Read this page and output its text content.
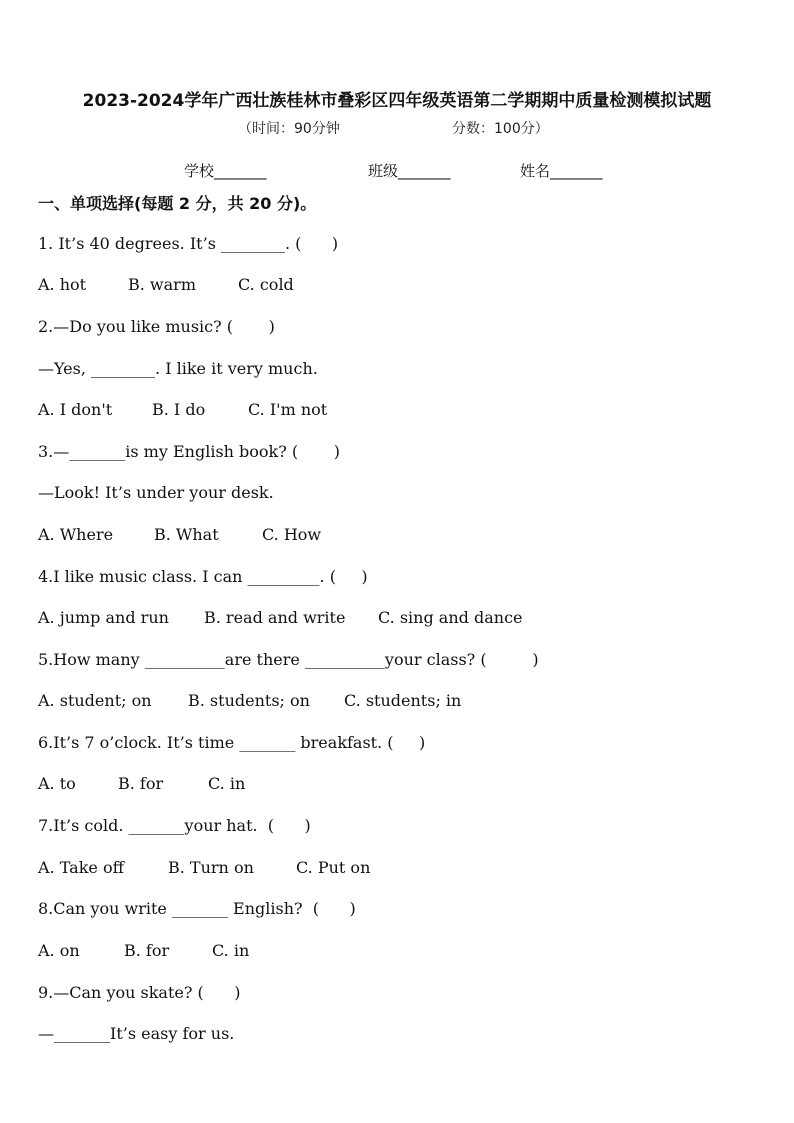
2023-2024学年广西壮族桂林市叠彩区四年级英语第二学期期中质量检测模拟试题
（时间：90分钟	分数：100分）
学校_______	班级_______	姓名_______
一、单项选择(每题 2 分，共 20 分)。
1. It’s 40 degrees. It’s ________. (      )
A. hot	B. warm	C. cold
2.—Do you like music? (       )
—Yes, ________. I like it very much.
A. I don't B. I do	C. I'm not
3.—_______is my English book? (       )
—Look! It’s under your desk.
A. Where	B. What	C. How
4.I like music class. I can _________. (     )
A. jump and run B. read and write C. sing and dance
5.How many __________are there __________your class? (         )
A. student; on B. students; on C. students; in
6.It’s 7 o’clock. It’s time _______ breakfast. (     )
A. to	B. for	C. in
7.It’s cold. _______your hat.  (      )
A. Take off	B. Turn on	C. Put on
8.Can you write _______ English?  (      )
A. on	B. for	C. in
9.—Can you skate? (      )
—_______It’s easy for us.
